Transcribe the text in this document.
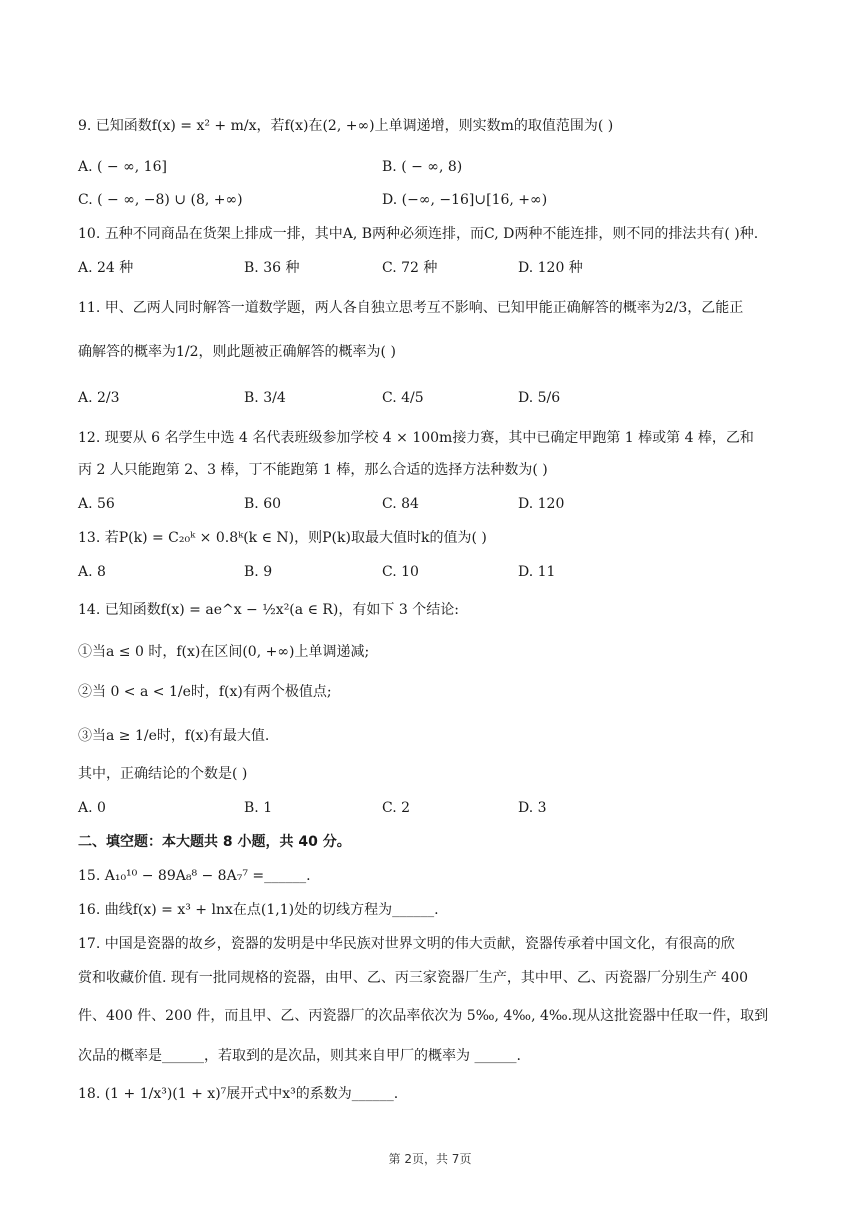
9. 已知函数f(x) = x² + m/x，若f(x)在(2, +∞)上单调递增，则实数m的取值范围为( )
A. ( − ∞, 16]	B. ( − ∞, 8)
C. ( − ∞, −8) ∪ (8, +∞)	D. (−∞, −16]∪[16, +∞)
10. 五种不同商品在货架上排成一排，其中A, B两种必须连排，而C, D两种不能连排，则不同的排法共有( )种.
A. 24 种	B. 36 种	C. 72 种	D. 120 种
11. 甲、乙两人同时解答一道数学题，两人各自独立思考互不影响、已知甲能正确解答的概率为2/3，乙能正
确解答的概率为1/2，则此题被正确解答的概率为( )
A. 2/3	B. 3/4	C. 4/5	D. 5/6
12. 现要从 6 名学生中选 4 名代表班级参加学校 4 × 100m接力赛，其中已确定甲跑第 1 棒或第 4 棒，乙和
丙 2 人只能跑第 2、3 棒，丁不能跑第 1 棒，那么合适的选择方法种数为( )
A. 56	B. 60	C. 84	D. 120
13. 若P(k) = C₂₀ᵏ × 0.8ᵏ(k ∈ N)，则P(k)取最大值时k的值为( )
A. 8	B. 9	C. 10	D. 11
14. 已知函数f(x) = ae^x − ½x²(a ∈ R)，有如下 3 个结论:
①当a ≤ 0 时，f(x)在区间(0, +∞)上单调递减;
②当 0 < a < 1/e时，f(x)有两个极值点;
③当a ≥ 1/e时，f(x)有最大值.
其中，正确结论的个数是( )
A. 0	B. 1	C. 2	D. 3
二、填空题：本大题共 8 小题，共 40 分。
15. A₁₀¹⁰ − 89A₈⁸ − 8A₇⁷ =______.
16. 曲线f(x) = x³ + lnx在点(1,1)处的切线方程为______.
17. 中国是瓷器的故乡，瓷器的发明是中华民族对世界文明的伟大贡献，瓷器传承着中国文化，有很高的欣
赏和收藏价值. 现有一批同规格的瓷器，由甲、乙、丙三家瓷器厂生产，其中甲、乙、丙瓷器厂分别生产 400
件、400 件、200 件，而且甲、乙、丙瓷器厂的次品率依次为 5‰, 4‰, 4‰.现从这批瓷器中任取一件，取到
次品的概率是______，若取到的是次品，则其来自甲厂的概率为 ______.
18. (1 + 1/x³)(1 + x)⁷展开式中x³的系数为______.
第 2页，共 7页
